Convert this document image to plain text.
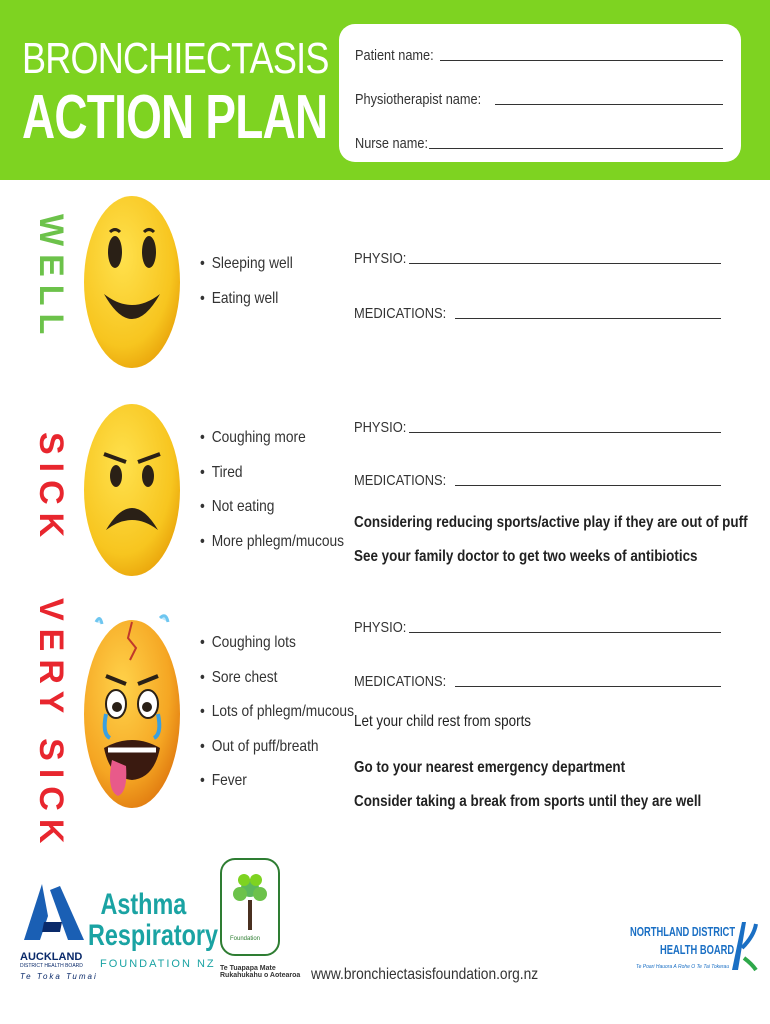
BRONCHIECTASIS
ACTION PLAN
Patient name:
Physiotherapist name:
Nurse name:
WELL	• Sleeping well
• Eating well
PHYSIO:
MEDICATIONS:
SICK	• Coughing more
• Tired
• Not eating
• More phlegm/mucous
PHYSIO:
MEDICATIONS:
Considering reducing sports/active play if they are out of puff
See your family doctor to get two weeks of antibiotics
VERY SICK	• Coughing lots
• Sore chest
• Lots of phlegm/mucous
• Out of puff/breath
• Fever
PHYSIO:
MEDICATIONS:
Let your child rest from sports
Go to your nearest emergency department
Consider taking a break from sports until they are well
AUCKLAND
DISTRICT HEALTH BOARD
Te Toka Tumai
Asthma
Respiratory
FOUNDATION NZ
Foundation
Te Tuapapa Mate
Rukahukahu o Aotearoa www.bronchiectasisfoundation.org.nz
NORTHLAND DISTRICT
HEALTH BOARD
Te Poari Hauora A Rohe O Te Tai Tokerau
